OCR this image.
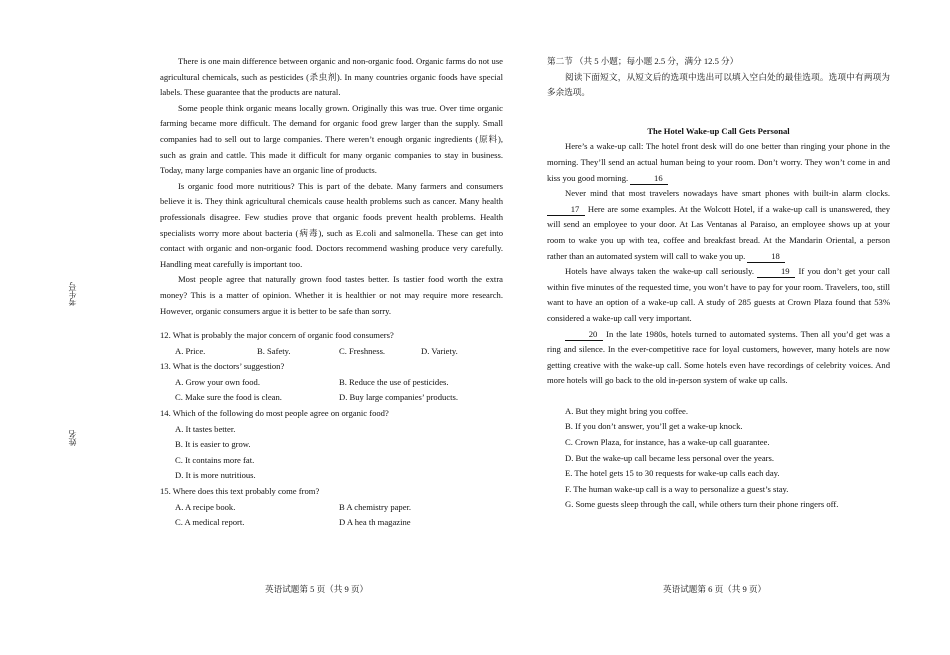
考生号
姓名

There is one main difference between organic and non-organic food. Organic farms do not use agricultural chemicals, such as pesticides (杀虫剂). In many countries organic foods have special labels. These guarantee that the products are natural.

Some people think organic means locally grown. Originally this was true. Over time organic farming became more difficult. The demand for organic food grew larger than the supply. Small companies had to sell out to large companies. There weren’t enough organic ingredients (原料), such as grain and cattle. This made it difficult for many organic companies to stay in business. Today, many large companies have an organic line of products.

Is organic food more nutritious? This is part of the debate. Many farmers and consumers believe it is. They think agricultural chemicals cause health problems such as cancer. Many health professionals disagree. Few studies prove that organic foods prevent health problems. Health specialists worry more about bacteria (病毒), such as E.coli and salmonella. These can get into contact with organic and non-organic food. Doctors recommend washing produce very carefully. Handling meat carefully is important too.

Most people agree that naturally grown food tastes better. Is tastier food worth the extra money? This is a matter of opinion. Whether it is healthier or not may require more research. However, organic consumers argue it is better to be safe than sorry.

12. What is probably the major concern of organic food consumers?
A. Price.	B. Safety.	C. Freshness.	D. Variety.
13. What is the doctors’ suggestion?
A. Grow your own food.	B. Reduce the use of pesticides.
C. Make sure the food is clean.	D. Buy large companies’ products.
14. Which of the following do most people agree on organic food?
A. It tastes better.
B. It is easier to grow.
C. It contains more fat.
D. It is more nutritious.
15. Where does this text probably come from?
A. A recipe book.	B A chemistry paper.
C. A medical report.	D A hea th magazine
第二节 （共 5 小题；每小题 2.5 分，满分 12.5 分）

阅读下面短文，从短文后的选项中选出可以填入空白处的最佳选项。选项中有两项为多余选项。

The Hotel Wake-up Call Gets Personal

Here’s a wake-up call: The hotel front desk will do one better than ringing your phone in the morning. They’ll send an actual human being to your room. Don’t worry. They won’t come in and kiss you good morning.	16

Never mind that most travelers nowadays have smart phones with built-in alarm clocks. 17 Here are some examples. At the Wolcott Hotel, if a wake-up call is unanswered, they will send an employee to your door. At Las Ventanas al Paraiso, an employee shows up at your room to wake you up with tea, coffee and breakfast bread. At the Mandarin Oriental, a person rather than an automated system will call to wake you up.	18

Hotels have always taken the wake-up call seriously.	19 If you don’t get your call within five minutes of the requested time, you won’t have to pay for your room. Travelers, too, still want to have an option of a wake-up call. A study of 285 guests at Crown Plaza found that 53% considered a wake-up call very important.

20 In the late 1980s, hotels turned to automated systems. Then all you’d get was a ring and silence. In the ever-competitive race for loyal customers, however, many hotels are now getting creative with the wake-up call. Some hotels even have recordings of celebrity voices. And more hotels will go back to the old in-person system of wake up calls.

A. But they might bring you coffee.
B. If you don’t answer, you’ll get a wake-up knock.
C. Crown Plaza, for instance, has a wake-up call guarantee.
D. But the wake-up call became less personal over the years.
E. The hotel gets 15 to 30 requests for wake-up calls each day.
F. The human wake-up call is a way to personalize a guest’s stay.
G. Some guests sleep through the call, while others turn their phone ringers off.
英语试题第 5 页（共 9 页）	英语试题第 6 页（共 9 页）
